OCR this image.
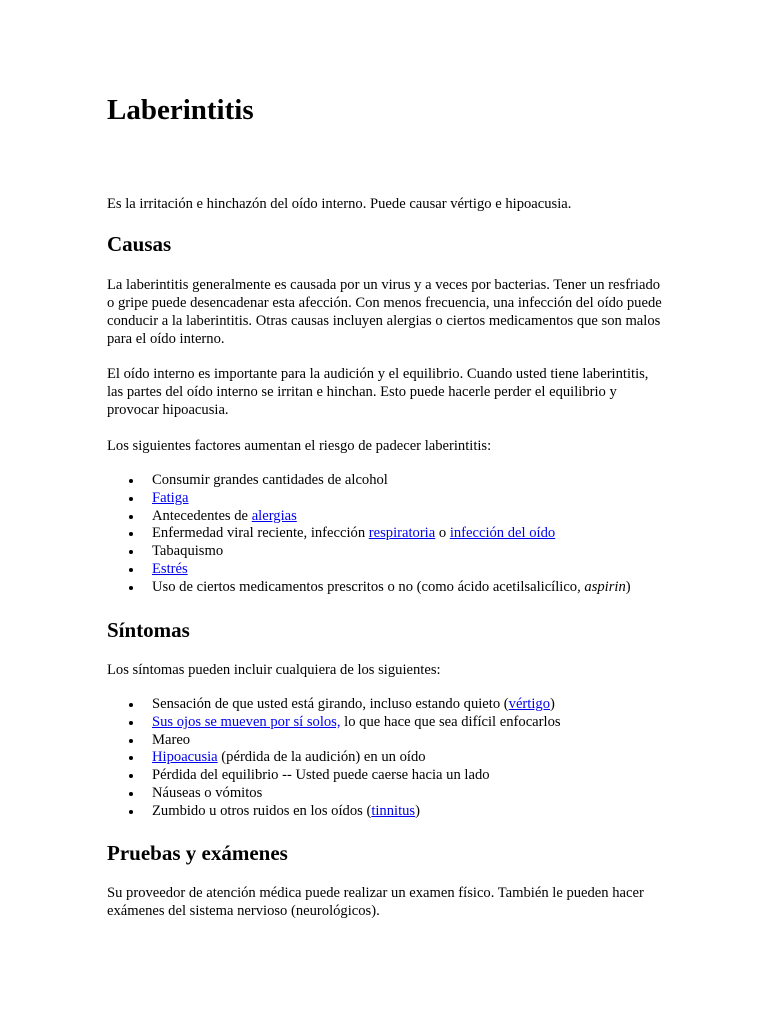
Laberintitis

Es la irritación e hinchazón del oído interno. Puede causar vértigo e hipoacusia.

Causas

La laberintitis generalmente es causada por un virus y a veces por bacterias. Tener un resfriado o gripe puede desencadenar esta afección. Con menos frecuencia, una infección del oído puede conducir a la laberintitis. Otras causas incluyen alergias o ciertos medicamentos que son malos para el oído interno.

El oído interno es importante para la audición y el equilibrio. Cuando usted tiene laberintitis, las partes del oído interno se irritan e hinchan. Esto puede hacerle perder el equilibrio y provocar hipoacusia.

Los siguientes factores aumentan el riesgo de padecer laberintitis:

Consumir grandes cantidades de alcohol
Fatiga
Antecedentes de alergias
Enfermedad viral reciente, infección respiratoria o infección del oído
Tabaquismo
Estrés
Uso de ciertos medicamentos prescritos o no (como ácido acetilsalicílico, aspirin)
Síntomas

Los síntomas pueden incluir cualquiera de los siguientes:

Sensación de que usted está girando, incluso estando quieto (vértigo)
Sus ojos se mueven por sí solos, lo que hace que sea difícil enfocarlos
Mareo
Hipoacusia (pérdida de la audición) en un oído
Pérdida del equilibrio -- Usted puede caerse hacia un lado
Náuseas o vómitos
Zumbido u otros ruidos en los oídos (tinnitus)
Pruebas y exámenes

Su proveedor de atención médica puede realizar un examen físico. También le pueden hacer exámenes del sistema nervioso (neurológicos).
